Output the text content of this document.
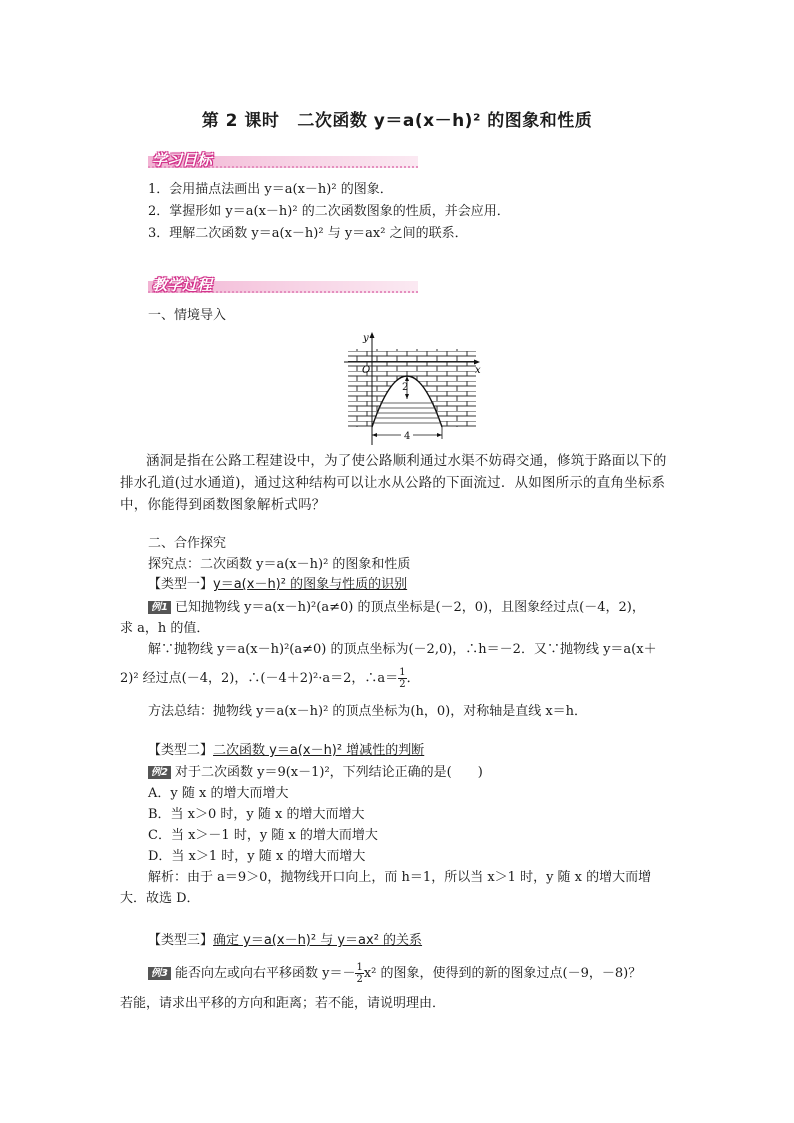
第 2 课时 二次函数 y＝a(x－h)² 的图象和性质
学习目标
1．会用描点法画出 y＝a(x－h)² 的图象．
2．掌握形如 y＝a(x－h)² 的二次函数图象的性质，并会应用．
3．理解二次函数 y＝a(x－h)² 与 y＝ax² 之间的联系．
教学过程
一、情境导入
y
x
O
2
4
涵洞是指在公路工程建设中，为了使公路顺利通过水渠不妨碍交通，修筑于路面以下的排水孔道(过水通道)，通过这种结构可以让水从公路的下面流过．从如图所示的直角坐标系中，你能得到函数图象解析式吗？
二、合作探究
探究点：二次函数 y＝a(x－h)² 的图象和性质
【类型一】y＝a(x－h)² 的图象与性质的识别
例1 已知抛物线 y＝a(x－h)²(a≠0) 的顶点坐标是(－2，0)，且图象经过点(－4，2)，
求 a，h 的值．
解∵抛物线 y＝a(x－h)²(a≠0) 的顶点坐标为(－2,0)，∴h＝－2．又∵抛物线 y＝a(x＋
2)² 经过点(－4，2)，∴(－4＋2)²·a＝2，∴a＝ $\frac{1}{2}$ ．
方法总结：抛物线 y＝a(x－h)² 的顶点坐标为(h，0)，对称轴是直线 x＝h．
【类型二】二次函数 y＝a(x－h)² 增减性的判断
例2 对于二次函数 y＝9(x－1)²，下列结论正确的是(　　)
A．y 随 x 的增大而增大
B．当 x＞0 时，y 随 x 的增大而增大
C．当 x＞－1 时，y 随 x 的增大而增大
D．当 x＞1 时，y 随 x 的增大而增大
解析：由于 a＝9＞0，抛物线开口向上，而 h＝1，所以当 x＞1 时，y 随 x 的增大而增
大．故选 D．
【类型三】确定 y＝a(x－h)² 与 y＝ax² 的关系
例3 能否向左或向右平移函数 $y=- \frac{1}{2} x^2$ 的图象，使得到的新的图象过点(－9，－8)？
若能，请求出平移的方向和距离；若不能，请说明理由．
